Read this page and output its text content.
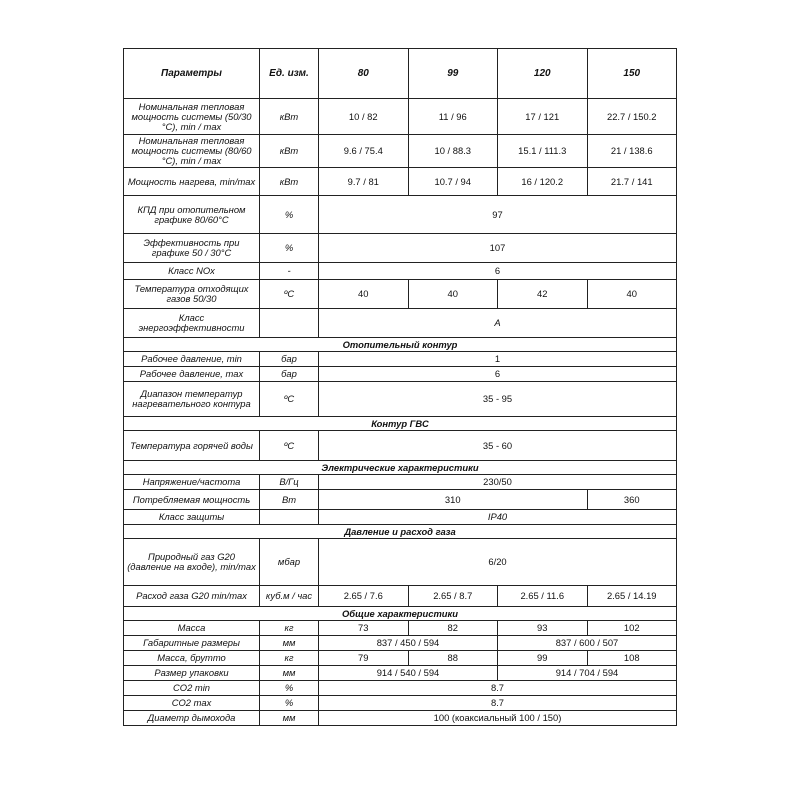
Параметры	Ед. изм.	80	99	120	150
Номинальная тепловая мощность системы (50/30 °C), min / max	кВт	10 / 82	11 / 96	17 / 121	22.7 / 150.2
Номинальная тепловая мощность системы (80/60 °C), min / max	кВт	9.6 / 75.4	10 / 88.3	15.1 / 111.3	21 / 138.6
Мощность нагрева, min/max	кВт	9.7 / 81	10.7 / 94	16 / 120.2	21.7 / 141
КПД при отопительном графике 80/60°C	%	97			
Эффективность при графике 50 / 30°C	%	107			
Класс NOx	-	6			
Температура отходящих газов 50/30	ºС	40	40	42	40
Класс энергоэффективности		A			
Отопительный контур					
Рабочее давление, min	бар	1			
Рабочее давление, max	бар	6			
Диапазон температур нагревательного контура	ºС	35 - 95			
Контур ГВС					
Температура горячей воды	ºС	35 - 60			
Электрические характеристики					
Напряжение/частота	В/Гц	230/50			
Потребляемая мощность	Вт	310			360
Класс защиты		IP40			
Давление и расход газа					
Природный газ G20 (давление на входе), min/max	мбар	6/20			
Расход газа G20 min/max	куб.м / час	2.65 / 7.6	2.65 / 8.7	2.65 / 11.6	2.65 / 14.19
Общие характеристики					
Масса	кг	73	82	93	102
Габаритные размеры	мм	837 / 450 / 594		837 / 600 / 507	
Масса, брутто	кг	79	88	99	108
Размер упаковки	мм	914 / 540 / 594		914 / 704 / 594	
CO2 min	%	8.7			
CO2 max	%	8.7			
Диаметр дымохода	мм	100 (коаксиальный 100 / 150)			
